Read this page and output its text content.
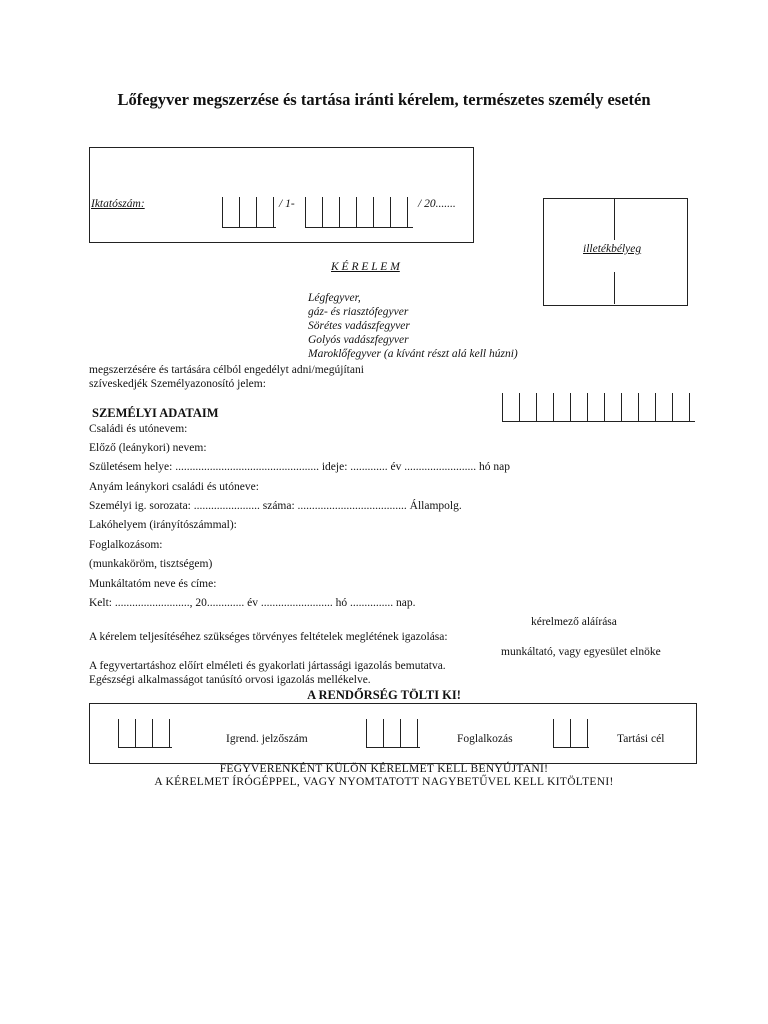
Lőfegyver megszerzése és tartása iránti kérelem, természetes személy esetén
Iktatószám:	/ 1-	/ 20.......
illetékbélyeg
K É R E L E M
Légfegyver,
gáz- és riasztófegyver
Sörétes vadászfegyver
Golyós vadászfegyver
Maroklőfegyver (a kívánt részt alá kell húzni)
megszerzésére és tartására célból engedélyt adni/megújítani
szíveskedjék Személyazonosító jelem:
SZEMÉLYI ADATAIM
Családi és utónevem:
Előző (leánykori) nevem:
Születésem helye: .................................................. ideje: ............. év ......................... hó nap
Anyám leánykori családi és utóneve:
Személyi ig. sorozata: ....................... száma: ...................................... Állampolg.
Lakóhelyem (irányítószámmal):
Foglalkozásom:
(munkaköröm, tisztségem)
Munkáltatóm neve és címe:
Kelt: .........................., 20............. év ......................... hó ............... nap.
kérelmező aláírása
A kérelem teljesítéséhez szükséges törvényes feltételek meglétének igazolása:
munkáltató, vagy egyesület elnöke
A fegyvertartáshoz előírt elméleti és gyakorlati jártassági igazolás bemutatva.
Egészségi alkalmasságot tanúsító orvosi igazolás mellékelve.
A RENDŐRSÉG TÖLTI KI!
Igrend. jelzőszám	Foglalkozás	Tartási cél
FEGYVERENKÉNT KÜLÖN KÉRELMET KELL BENYÚJTANI!
A KÉRELMET ÍRÓGÉPPEL, VAGY NYOMTATOTT NAGYBETŰVEL KELL KITÖLTENI!
